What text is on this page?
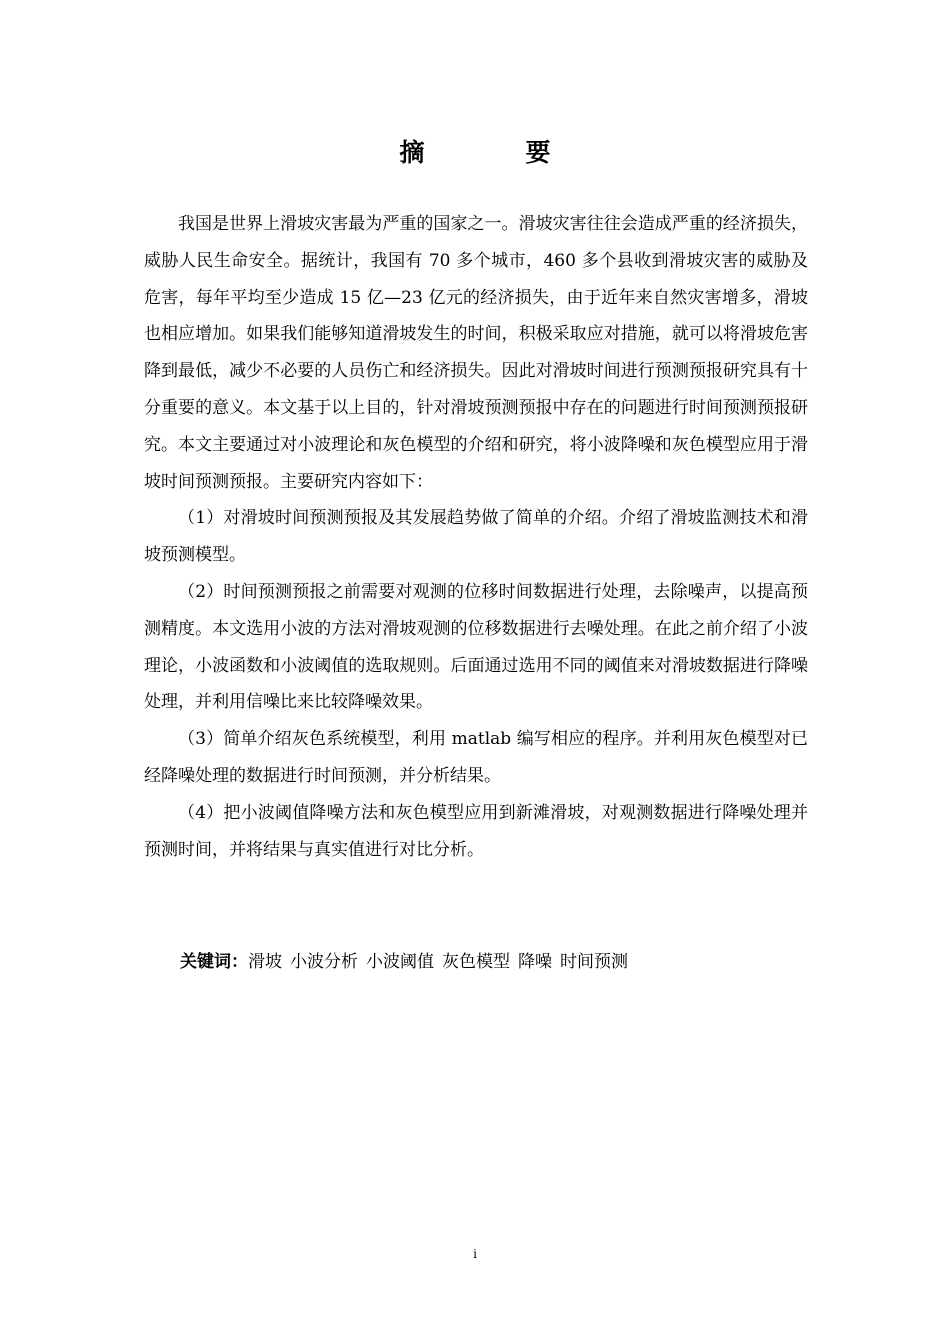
摘　要

我国是世界上滑坡灾害最为严重的国家之一。滑坡灾害往往会造成严重的经济损失，威胁人民生命安全。据统计，我国有 70 多个城市，460 多个县收到滑坡灾害的威胁及危害，每年平均至少造成 15 亿—23 亿元的经济损失，由于近年来自然灾害增多，滑坡也相应增加。如果我们能够知道滑坡发生的时间，积极采取应对措施，就可以将滑坡危害降到最低，减少不必要的人员伤亡和经济损失。因此对滑坡时间进行预测预报研究具有十分重要的意义。本文基于以上目的，针对滑坡预测预报中存在的问题进行时间预测预报研究。本文主要通过对小波理论和灰色模型的介绍和研究，将小波降噪和灰色模型应用于滑坡时间预测预报。主要研究内容如下：

（1）对滑坡时间预测预报及其发展趋势做了简单的介绍。介绍了滑坡监测技术和滑坡预测模型。

（2）时间预测预报之前需要对观测的位移时间数据进行处理，去除噪声，以提高预测精度。本文选用小波的方法对滑坡观测的位移数据进行去噪处理。在此之前介绍了小波理论，小波函数和小波阈值的选取规则。后面通过选用不同的阈值来对滑坡数据进行降噪处理，并利用信噪比来比较降噪效果。

（3）简单介绍灰色系统模型，利用 matlab 编写相应的程序。并利用灰色模型对已经降噪处理的数据进行时间预测，并分析结果。

（4）把小波阈值降噪方法和灰色模型应用到新滩滑坡，对观测数据进行降噪处理并预测时间，并将结果与真实值进行对比分析。

关键词：滑坡 小波分析 小波阈值 灰色模型 降噪 时间预测
i
